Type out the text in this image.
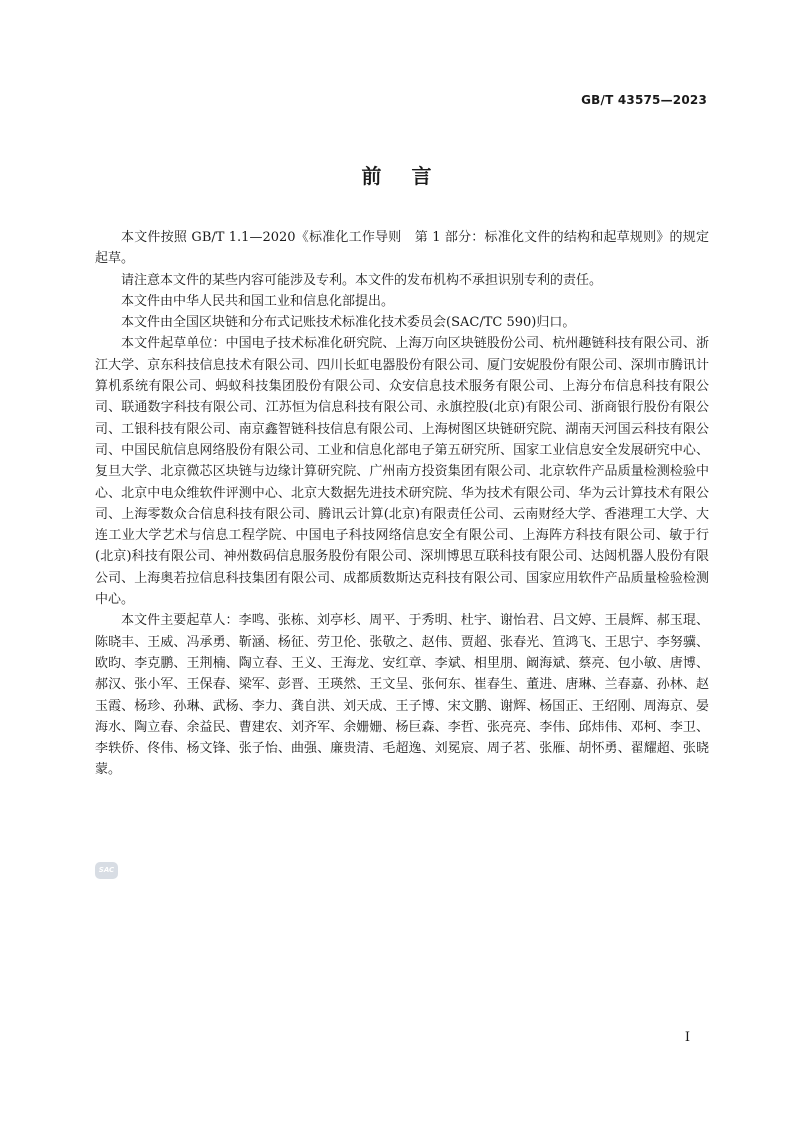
GB/T 43575—2023
前言

本文件按照 GB/T 1.1—2020《标准化工作导则　第 1 部分：标准化文件的结构和起草规则》的规定起草。

请注意本文件的某些内容可能涉及专利。本文件的发布机构不承担识别专利的责任。

本文件由中华人民共和国工业和信息化部提出。

本文件由全国区块链和分布式记账技术标准化技术委员会(SAC/TC 590)归口。

本文件起草单位：中国电子技术标准化研究院、上海万向区块链股份公司、杭州趣链科技有限公司、浙江大学、京东科技信息技术有限公司、四川长虹电器股份有限公司、厦门安妮股份有限公司、深圳市腾讯计算机系统有限公司、蚂蚁科技集团股份有限公司、众安信息技术服务有限公司、上海分布信息科技有限公司、联通数字科技有限公司、江苏恒为信息科技有限公司、永旗控股(北京)有限公司、浙商银行股份有限公司、工银科技有限公司、南京鑫智链科技信息有限公司、上海树图区块链研究院、湖南天河国云科技有限公司、中国民航信息网络股份有限公司、工业和信息化部电子第五研究所、国家工业信息安全发展研究中心、复旦大学、北京微芯区块链与边缘计算研究院、广州南方投资集团有限公司、北京软件产品质量检测检验中心、北京中电众维软件评测中心、北京大数据先进技术研究院、华为技术有限公司、华为云计算技术有限公司、上海零数众合信息科技有限公司、腾讯云计算(北京)有限责任公司、云南财经大学、香港理工大学、大连工业大学艺术与信息工程学院、中国电子科技网络信息安全有限公司、上海阵方科技有限公司、敏于行(北京)科技有限公司、神州数码信息服务股份有限公司、深圳博思互联科技有限公司、达闼机器人股份有限公司、上海奥若拉信息科技集团有限公司、成都质数斯达克科技有限公司、国家应用软件产品质量检验检测中心。

本文件主要起草人：李鸣、张栋、刘亭杉、周平、于秀明、杜宇、谢怡君、吕文婷、王晨辉、郝玉琨、陈晓丰、王威、冯承勇、靳涵、杨征、劳卫伦、张敬之、赵伟、贾超、张春光、笪鸿飞、王思宁、李努骥、欧昀、李克鹏、王荆楠、陶立春、王义、王海龙、安红章、李斌、相里朋、阚海斌、蔡亮、包小敏、唐博、郝汉、张小军、王保春、梁军、彭晋、王瑛然、王文呈、张何东、崔春生、董进、唐琳、兰春嘉、孙林、赵玉霞、杨珍、孙琳、武杨、李力、龚自洪、刘天成、王子博、宋文鹏、谢辉、杨国正、王绍刚、周海京、晏海水、陶立春、余益民、曹建农、刘齐军、余姗姗、杨巨森、李哲、张亮亮、李伟、邱炜伟、邓柯、李卫、李轶侨、佟伟、杨文锋、张子怡、曲强、廉贵清、毛超逸、刘冕宸、周子茗、张雁、胡怀勇、翟耀超、张晓蒙。

SAC
I
